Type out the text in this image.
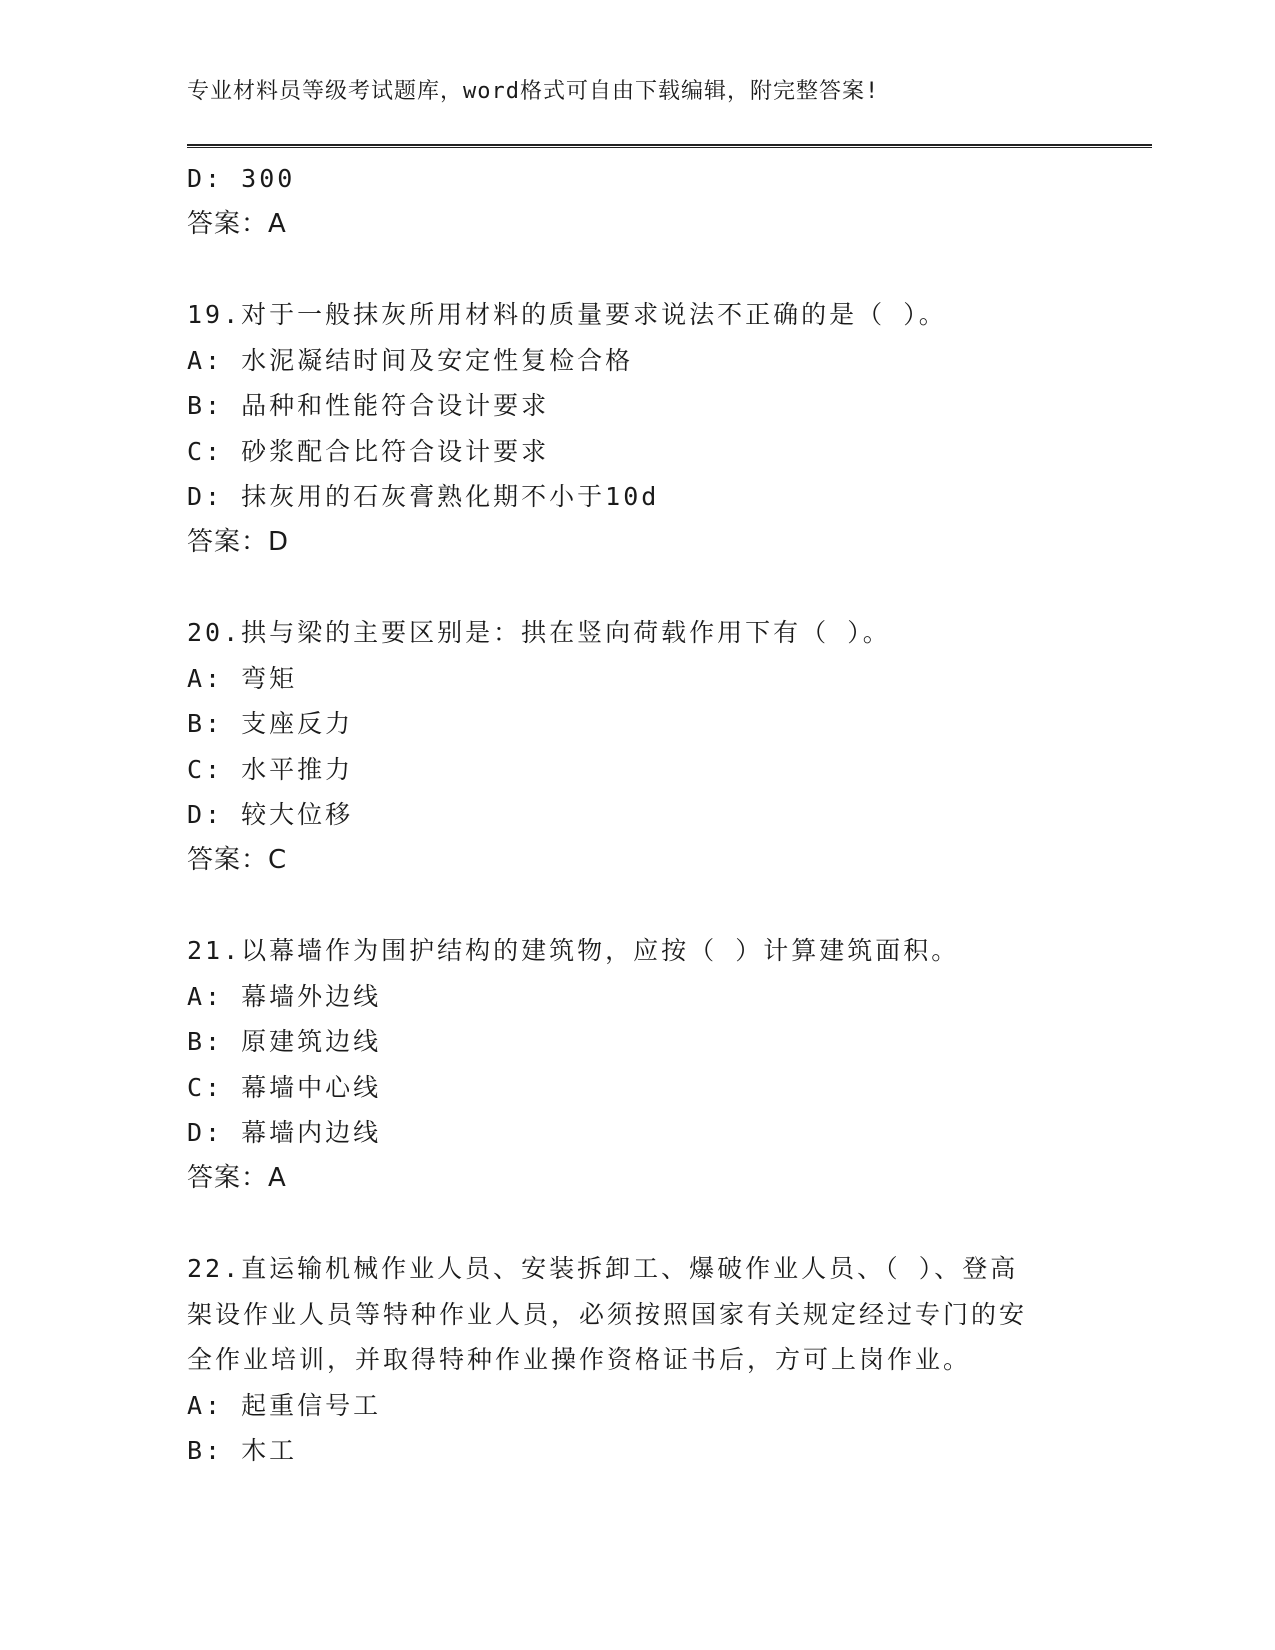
专业材料员等级考试题库，word格式可自由下载编辑，附完整答案!
D: 300
答案：A
19.对于一般抹灰所用材料的质量要求说法不正确的是（ ）。
A: 水泥凝结时间及安定性复检合格
B: 品种和性能符合设计要求
C: 砂浆配合比符合设计要求
D: 抹灰用的石灰膏熟化期不小于10d
答案：D
20.拱与梁的主要区别是：拱在竖向荷载作用下有（ ）。
A: 弯矩
B: 支座反力
C: 水平推力
D: 较大位移
答案：C
21.以幕墙作为围护结构的建筑物，应按（ ）计算建筑面积。
A: 幕墙外边线
B: 原建筑边线
C: 幕墙中心线
D: 幕墙内边线
答案：A
22.直运输机械作业人员、安装拆卸工、爆破作业人员、（ ）、登高
架设作业人员等特种作业人员，必须按照国家有关规定经过专门的安
全作业培训，并取得特种作业操作资格证书后，方可上岗作业。
A: 起重信号工
B: 木工
